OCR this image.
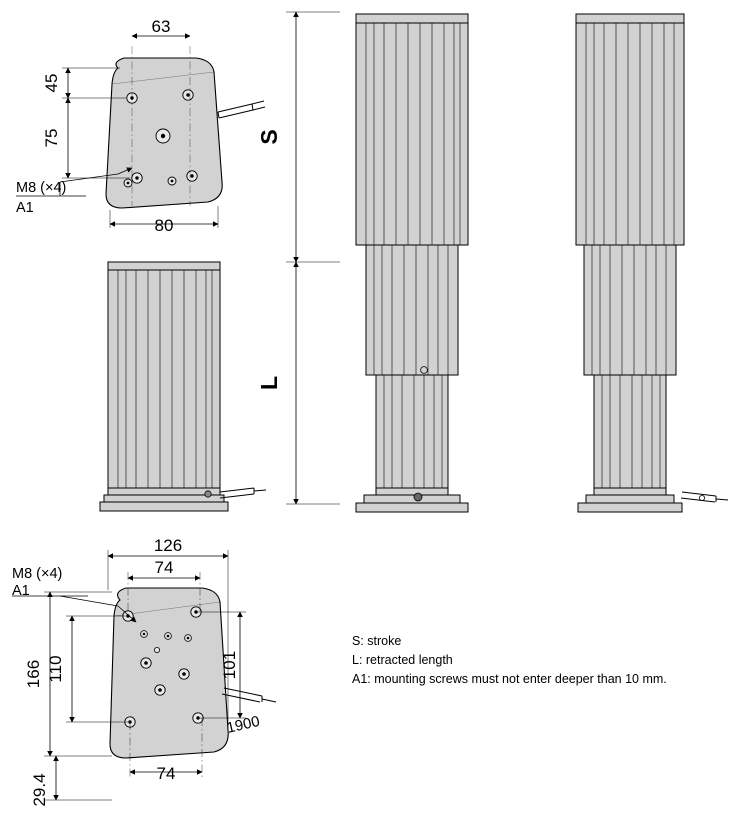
63
80
45
75
M8 (×4)
A1
S
L
126
74
74
166 110
29.4
101
1900
M8 (×4)
A1
S: stroke
L: retracted length
A1: mounting screws must not enter deeper than 10 mm.
